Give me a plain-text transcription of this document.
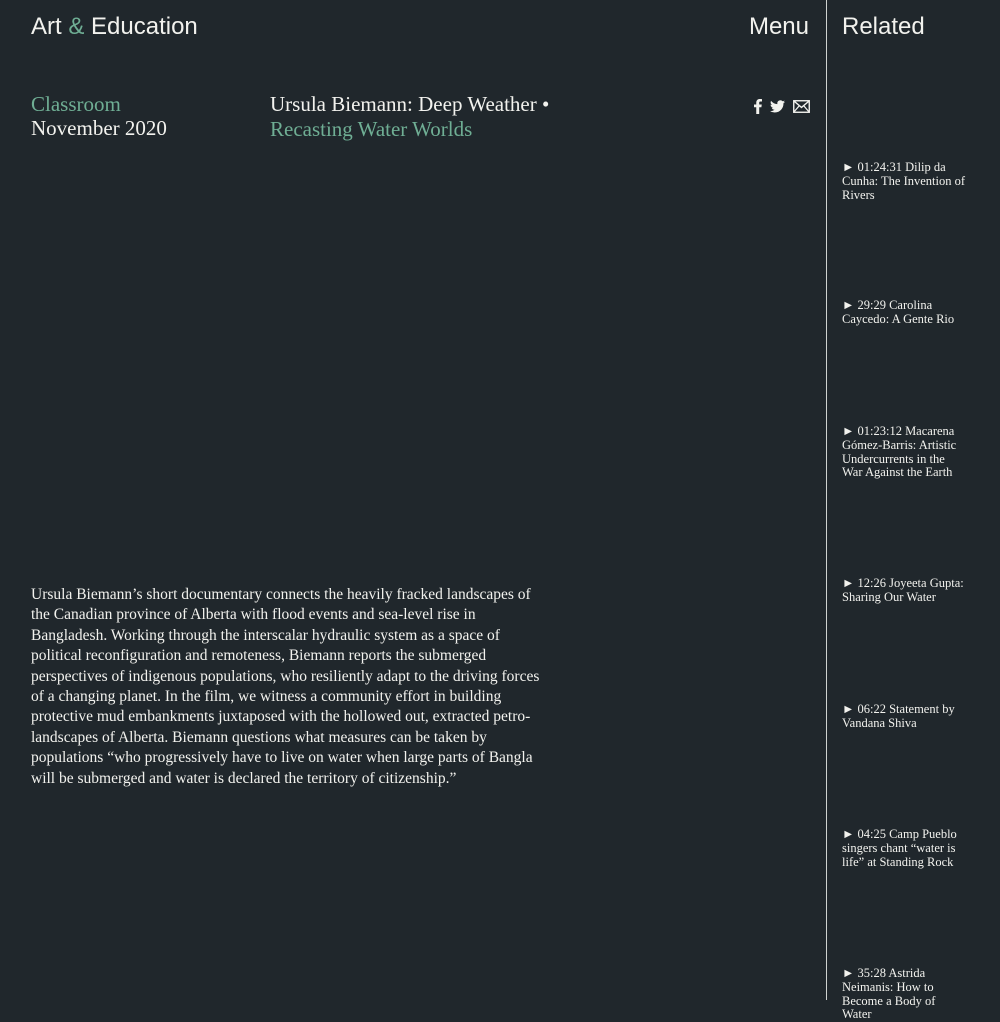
Art & Education	Menu
Classroom
November 2020
Ursula Biemann: Deep Weather •
Recasting Water Worlds
Ursula Biemann’s short documentary connects the heavily fracked landscapes of the Canadian province of Alberta with flood events and sea-level rise in Bangladesh. Working through the interscalar hydraulic system as a space of political reconfiguration and remoteness, Biemann reports the submerged perspectives of indigenous populations, who resiliently adapt to the driving forces of a changing planet. In the film, we witness a community effort in building protective mud embankments juxtaposed with the hollowed out, extracted petro-landscapes of Alberta. Biemann questions what measures can be taken by populations “who progressively have to live on water when large parts of Bangla will be submerged and water is declared the territory of citizenship.”
Related
► 01:24:31 Dilip da Cunha: The Invention of Rivers
► 29:29 Carolina Caycedo: A Gente Rio
► 01:23:12 Macarena Gómez-Barris: Artistic Undercurrents in the War Against the Earth
► 12:26 Joyeeta Gupta: Sharing Our Water
► 06:22 Statement by Vandana Shiva
► 04:25 Camp Pueblo singers chant “water is life” at Standing Rock
► 35:28 Astrida Neimanis: How to Become a Body of Water
